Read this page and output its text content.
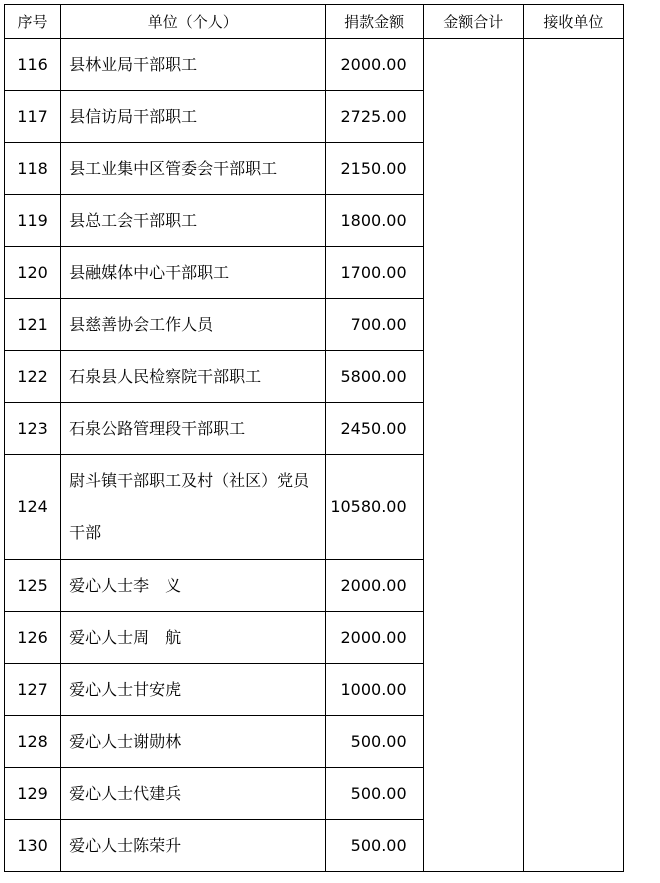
序号	单位（个人）	捐款金额	金额合计	接收单位
116	县林业局干部职工	2000.00		
117	县信访局干部职工	2725.00		
118	县工业集中区管委会干部职工	2150.00		
119	县总工会干部职工	1800.00		
120	县融媒体中心干部职工	1700.00		
121	县慈善协会工作人员	700.00		
122	石泉县人民检察院干部职工	5800.00		
123	石泉公路管理段干部职工	2450.00		
124	尉斗镇干部职工及村（社区）党员干部	10580.00		
125	爱心人士李　义	2000.00		
126	爱心人士周　航	2000.00		
127	爱心人士甘安虎	1000.00		
128	爱心人士谢勋林	500.00		
129	爱心人士代建兵	500.00		
130	爱心人士陈荣升	500.00		
